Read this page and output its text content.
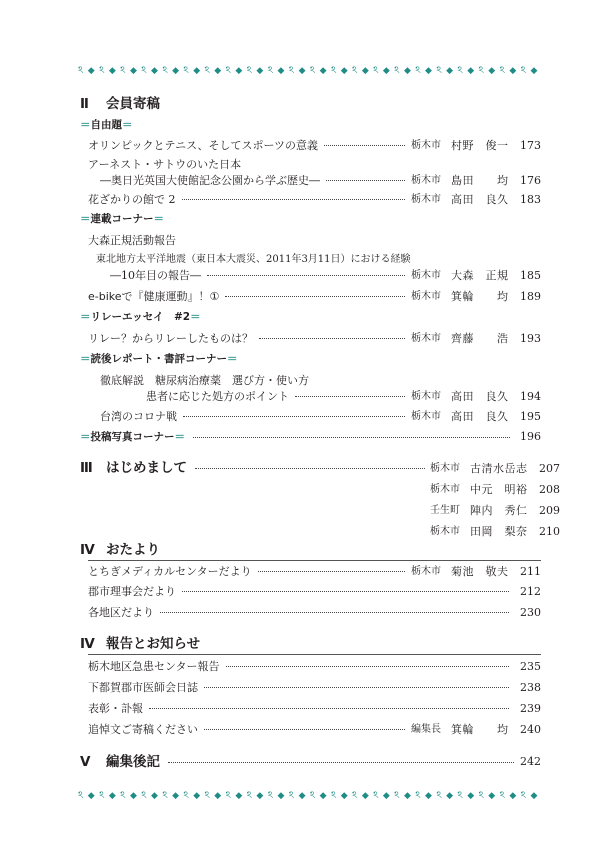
ঽ ◆ ঽ ◆ ঽ ◆ ঽ ◆ ঽ ◆ ঽ ◆ ঽ ◆ ঽ ◆ ঽ ◆ ঽ ◆ ঽ ◆ ঽ ◆ ঽ ◆ ঽ ◆ ঽ ◆ ঽ ◆ ঽ ◆ ঽ ◆ ঽ ◆ ঽ ◆ ঽ ◆ ঽ ◆
Ⅱ	会員寄稿
＝自由題＝
オリンピックとテニス、そしてスポーツの意義	栃木市 村野　俊一	173
アーネスト・サトウのいた日本
―奥日光英国大使館記念公園から学ぶ歴史―	栃木市 島田　　均	176
花ざかりの館で 2	栃木市 高田　良久	183
＝連載コーナー＝
大森正規活動報告
東北地方太平洋地震（東日本大震災、2011年3月11日）における経験
―10年目の報告―	栃木市 大森　正規	185
e-bikeで『健康運動』！①	栃木市 箕輪　　均	189
＝リレーエッセイ　#2＝
リレー？からリレーしたものは？	栃木市 齊藤　　浩	193
＝読後レポート・書評コーナー＝
徹底解説　糖尿病治療薬　選び方・使い方
患者に応じた処方のポイント	栃木市 高田　良久	194
台湾のコロナ戦	栃木市 高田　良久	195
＝ 投稿写真コーナー ＝	196
Ⅲ はじめまして	栃木市 古清水岳志	207
栃木市 中元　明裕	208
壬生町 陣内　秀仁	209
栃木市 田岡　梨奈	210
Ⅳ おたより
とちぎメディカルセンターだより	栃木市 菊池　敬夫	211
郡市理事会だより	212
各地区だより	230
Ⅳ 報告とお知らせ
栃木地区急患センター報告	235
下都賀郡市医師会日誌	238
表彰・訃報	239
追悼文ご寄稿ください	編集長 箕輪　　均	240
Ⅴ	編集後記	242
ঽ ◆ ঽ ◆ ঽ ◆ ঽ ◆ ঽ ◆ ঽ ◆ ঽ ◆ ঽ ◆ ঽ ◆ ঽ ◆ ঽ ◆ ঽ ◆ ঽ ◆ ঽ ◆ ঽ ◆ ঽ ◆ ঽ ◆ ঽ ◆ ঽ ◆ ঽ ◆ ঽ ◆ ঽ ◆
